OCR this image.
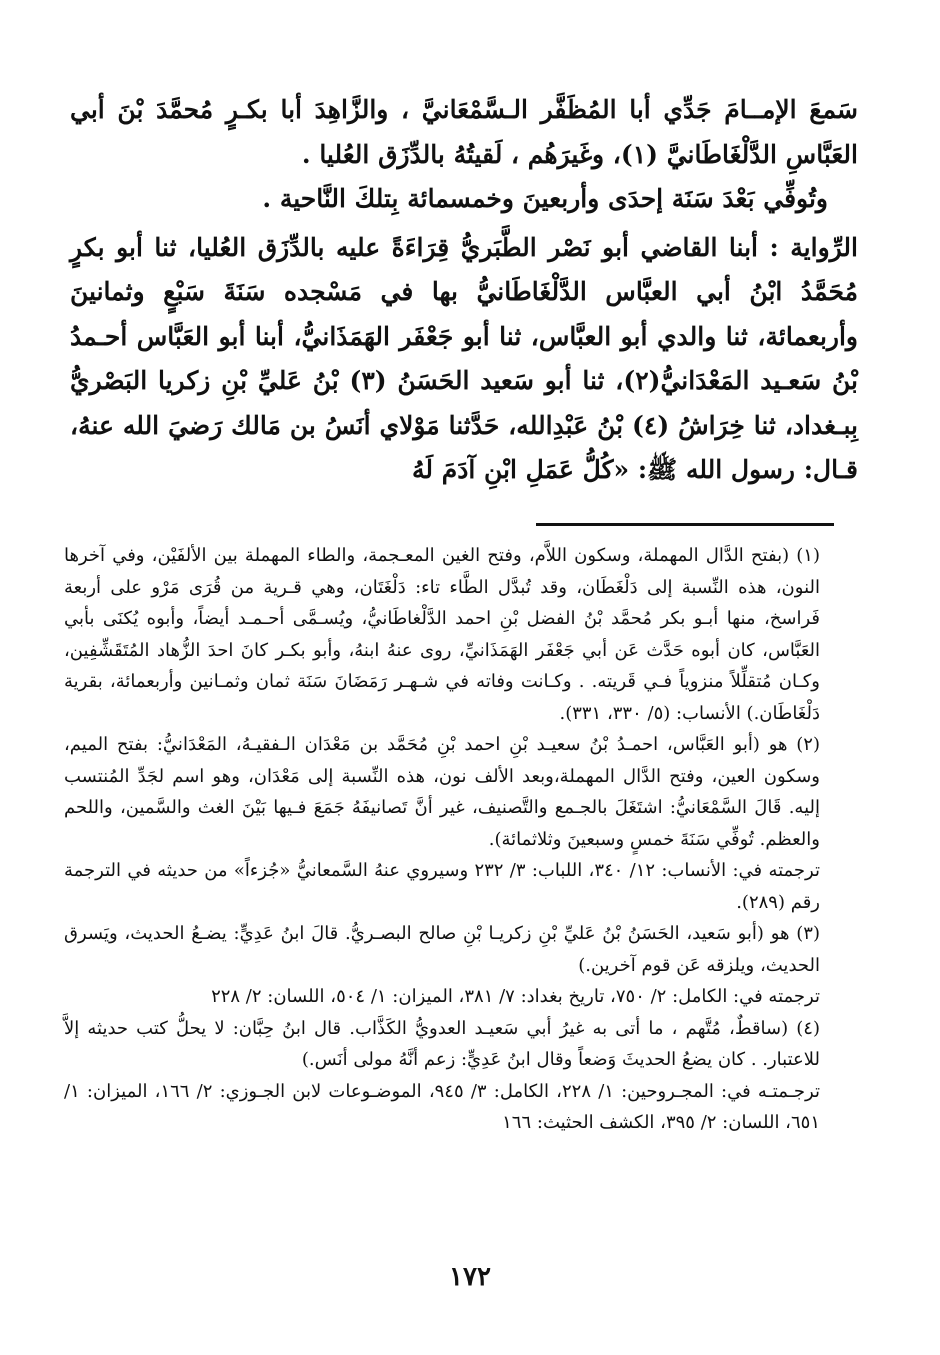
سَمعَ الإمــامَ جَدِّي أبا المُظَفَّر الـسَّمْعَانيَّ ، والزَّاهِدَ أبا بكـرٍ مُحمَّدَ بْنَ أبي العَبَّاسِ الدَّلْغَاطَانيَّ (١)، وغَيرَهُم ، لَقيتُهُ بالدِّزَق العُليا .

وتُوفِّي بَعْدَ سَنَة إحدَى وأربعينَ وخمسمائة بِتلكَ النَّاحية .

الرِّواية : أبنا القاضي أبو نَصْر الطَّبَريُّ قِرَاءَةً عليه بالدِّزَق العُليا، ثنا أبو بكرٍ مُحَمَّدُ ابْنُ أبي العبَّاس الدَّلْغَاطَانيُّ بها في مَسْجده سَنَةَ سَبْعٍ وثمانينَ وأربعمائة، ثنا والدي أبو العبَّاس، ثنا أبو جَعْفَر الهَمَذَانيُّ، أبنا أبو العَبَّاس أحـمدُ بْنُ سَعـيد المَعْدَانيُّ(٢)، ثنا أبو سَعيد الحَسَنُ (٣) بْنُ عَليِّ بْنِ زكريا البَصْريُّ بِبـغداد، ثنا خِرَاشُ (٤) بْنُ عَبْدِالله، حَدَّثنا مَوْلاي أنَسُ بن مَالك رَضيَ الله عنهُ، قـال: رسول الله ﷺ: «كُلُّ عَمَلِ ابْنِ آدَمَ لَهُ

(١) (بفتح الدَّال المهملة، وسكون اللاَّم، وفتح الغين المعـجمة، والطاء المهملة بين الألفَيْن، وفي آخرها النون، هذه النِّسبة إلى دَلْغَطَان، وقد تُبدَّل الطَّاء تاء: دَلْغَتَان، وهي قـرية من قُرَى مَرْو على أربعة فَراسخ، منها أبـو بكر مُحمَّد بْنُ الفضل بْنِ احمد الدَّلْغاطَانيُّ، ويُسـمَّى أحـمـد أيضاً، وأبوه يُكنَى بأبي العَبَّاس، كان أبوه حَدَّث عَن أبي جَعْفَر الهَمَذَانيِّ، روى عنهُ ابنهُ، وأبو بكـر كانَ احدَ الزُّهاد المُتَقَشِّفِين، وكـان مُتقلِّلاً منزوياً فـي قَريته. . وكـانت وفاته في شـهـر رَمَضَانَ سَنَة ثمان وثمـانين وأربعمائة، بقرية دَلْغَاطَان.) الأنساب: (٥/ ٣٣٠، ٣٣١).

(٢) هو (أبو العَبَّاس، احمـدُ بْنُ سعيـد بْنِ احمد بْنِ مُحَمَّد بن مَعْدَان الـفقيـهُ، المَعْدَانيُّ: بفتح الميم، وسكون العين، وفتح الدَّال المهملة،وبعد الألف نون، هذه النِّسبة إلى مَعْدَان، وهو اسم لجَدِّ المُنتسب إليه. قَالَ السَّمْعَانيُّ: اشتَغَلَ بالجـمع والتَّصنيف، غير أنَّ تَصانيفَهُ جَمَعَ فـيها بَيْنَ الغث والسَّمين، واللحم والعظم. تُوفِّي سَنَةَ خمسٍ وسبعينَ وثلاثمائة).

ترجمته في: الأنساب: ١٢/ ٣٤٠، اللباب: ٣/ ٢٣٢ وسيروي عنهُ السَّمعانيُّ «جُزءاً» من حديثه في الترجمة رقم (٢٨٩).

(٣) هو (أبو سَعيد، الحَسَنُ بْنُ عَليِّ بْنِ زكريـا بْنِ صالح البصـريُّ. قالَ ابنُ عَدِيٍّ: يضـعُ الحديث، ويَسرق الحديث، ويلزقه عَن قوم آخرين.)

ترجمته في: الكامل: ٢/ ٧٥٠، تاريخ بغداد: ٧/ ٣٨١، الميزان: ١/ ٥٠٤، اللسان: ٢/ ٢٢٨

(٤) (ساقطٌ، مُتَّهم ، ما أتى به غيرُ أبي سَعيـد العدويُّ الكَذَّاب. قال ابنُ حِبَّان: لا يحلُّ كتب حديثه إلاَّ للاعتبار. . كان يضعُ الحديثَ وَضعاً وقال ابنُ عَدِيٍّ: زعم أنَّهُ مولى أنَس.)

ترجـمتـه في: المجـروحين: ١/ ٢٢٨، الكامل: ٣/ ٩٤٥، الموضـوعات لابن الجـوزي: ٢/ ١٦٦، الميزان: ١/ ٦٥١، اللسان: ٢/ ٣٩٥، الكشف الحثيث: ١٦٦

١٧٢
